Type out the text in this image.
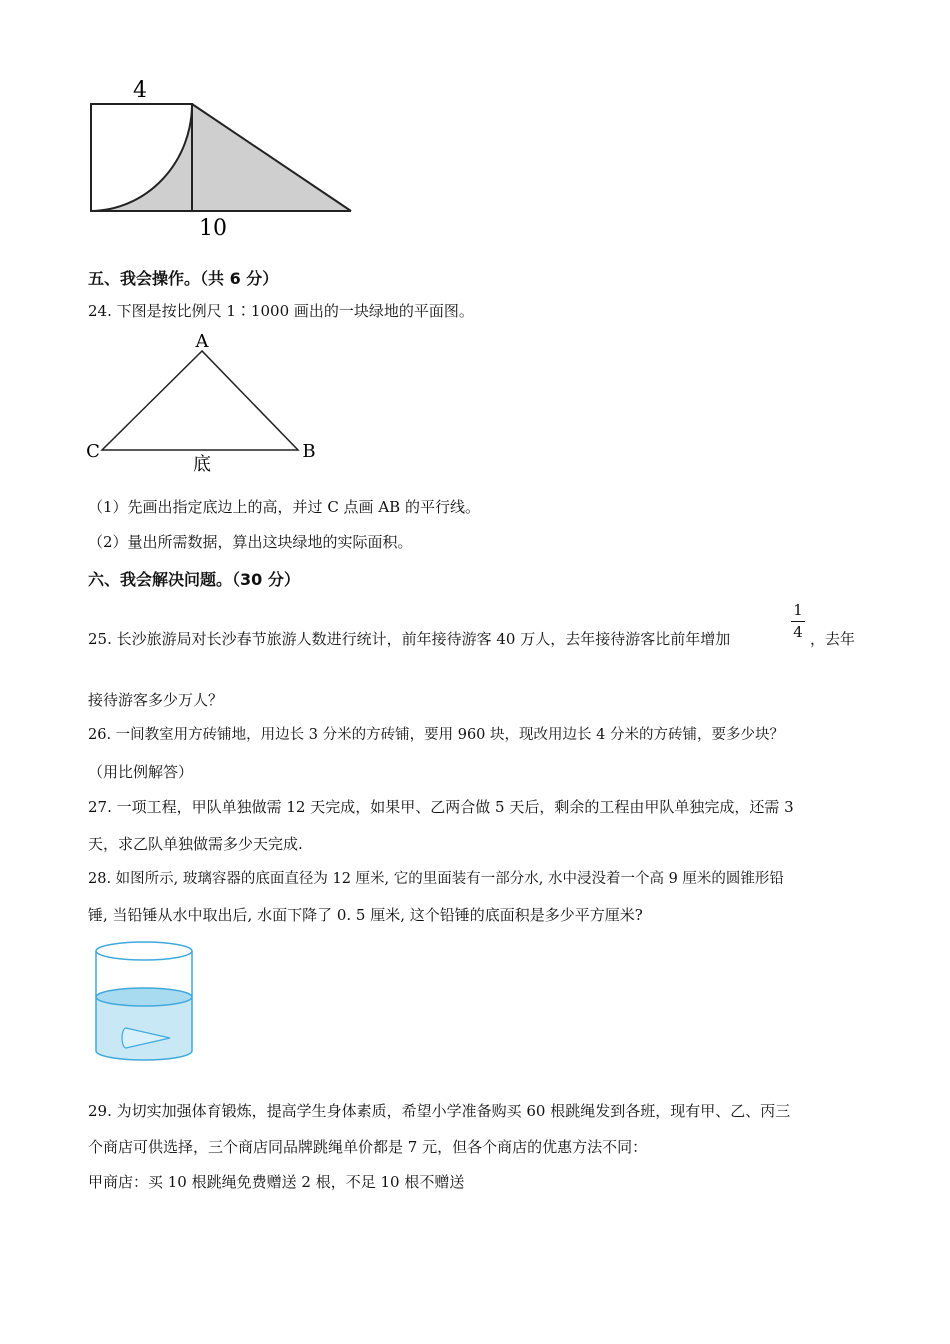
4
10
五、我会操作。（共 6 分）
24. 下图是按比例尺 1∶1000 画出的一块绿地的平面图。
A
C	B
底
（1）先画出指定底边上的高，并过 C 点画 AB 的平行线。
（2）量出所需数据，算出这块绿地的实际面积。
六、我会解决问题。（30 分）
25. 长沙旅游局对长沙春节旅游人数进行统计，前年接待游客 40 万人，去年接待游客比前年增加
1
4 ，去年
接待游客多少万人？
26. 一间教室用方砖铺地，用边长 3 分米的方砖铺，要用 960 块，现改用边长 4 分米的方砖铺，要多少块？
（用比例解答）
27. 一项工程，甲队单独做需 12 天完成，如果甲、乙两合做 5 天后，剩余的工程由甲队单独完成，还需 3
天，求乙队单独做需多少天完成.
28. 如图所示, 玻璃容器的底面直径为 12 厘米, 它的里面装有一部分水, 水中浸没着一个高 9 厘米的圆锥形铅
锤, 当铅锤从水中取出后, 水面下降了 0. 5 厘米, 这个铅锤的底面积是多少平方厘米?
29. 为切实加强体育锻炼，提高学生身体素质，希望小学准备购买 60 根跳绳发到各班，现有甲、乙、丙三
个商店可供选择，三个商店同品牌跳绳单价都是 7 元，但各个商店的优惠方法不同：
甲商店：买 10 根跳绳免费赠送 2 根，不足 10 根不赠送
